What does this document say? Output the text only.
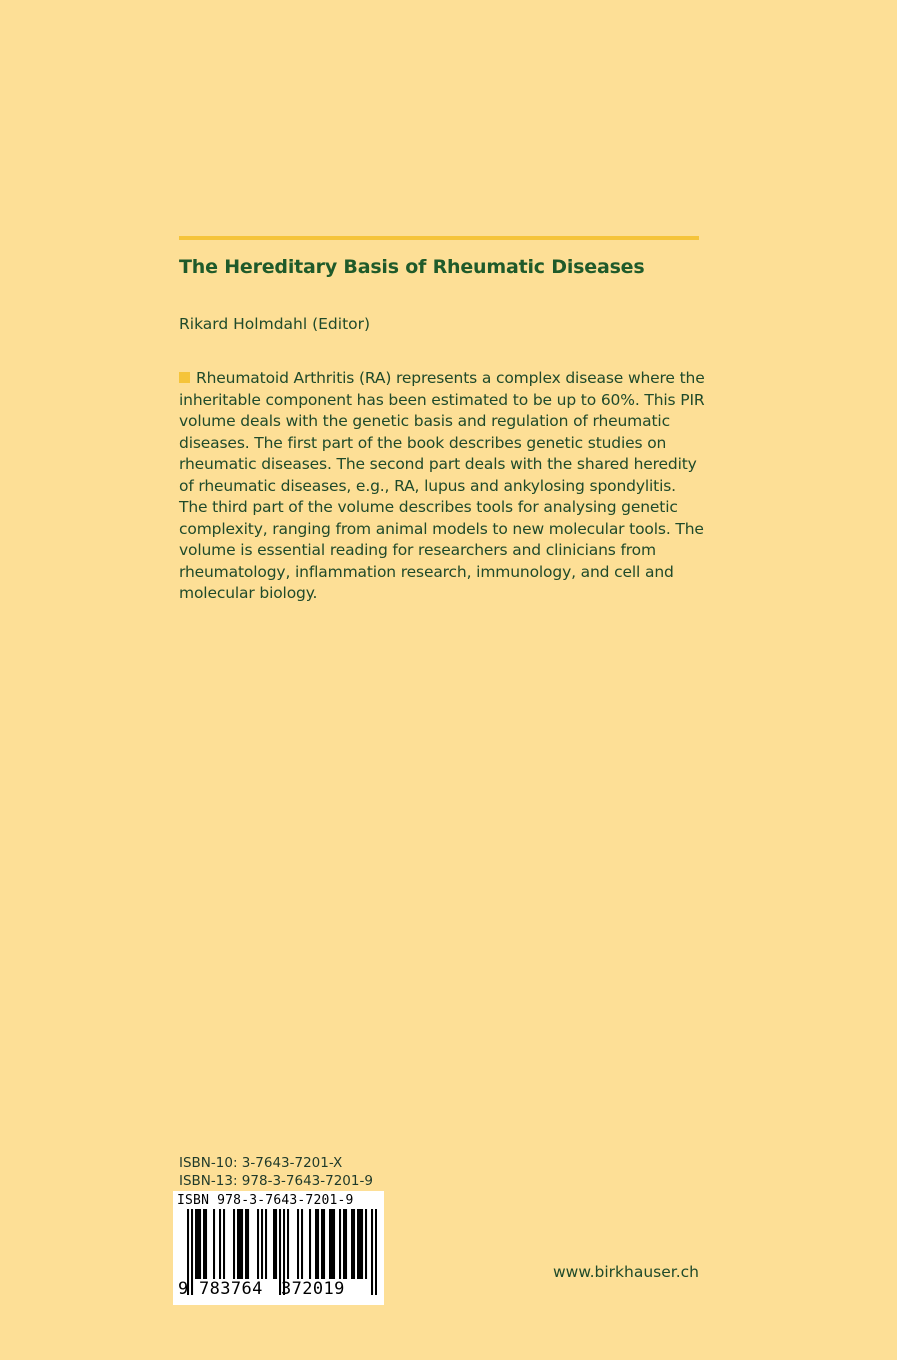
The Hereditary Basis of Rheumatic Diseases
Rikard Holmdahl (Editor)
Rheumatoid Arthritis (RA) represents a complex disease where the inheritable component has been estimated to be up to 60%. This PIR volume deals with the genetic basis and regulation of rheumatic diseases. The first part of the book describes genetic studies on rheumatic diseases. The second part deals with the shared heredity of rheumatic diseases, e.g., RA, lupus and ankylosing spondylitis. The third part of the volume describes tools for analysing genetic complexity, ranging from animal models to new molecular tools. The volume is essential reading for researchers and clinicians from rheumatology, inflammation research, immunology, and cell and molecular biology.
ISBN-10: 3-7643-7201-X
ISBN-13: 978-3-7643-7201-9
ISBN 978-3-7643-7201-9
9 783764 372019
www.birkhauser.ch
